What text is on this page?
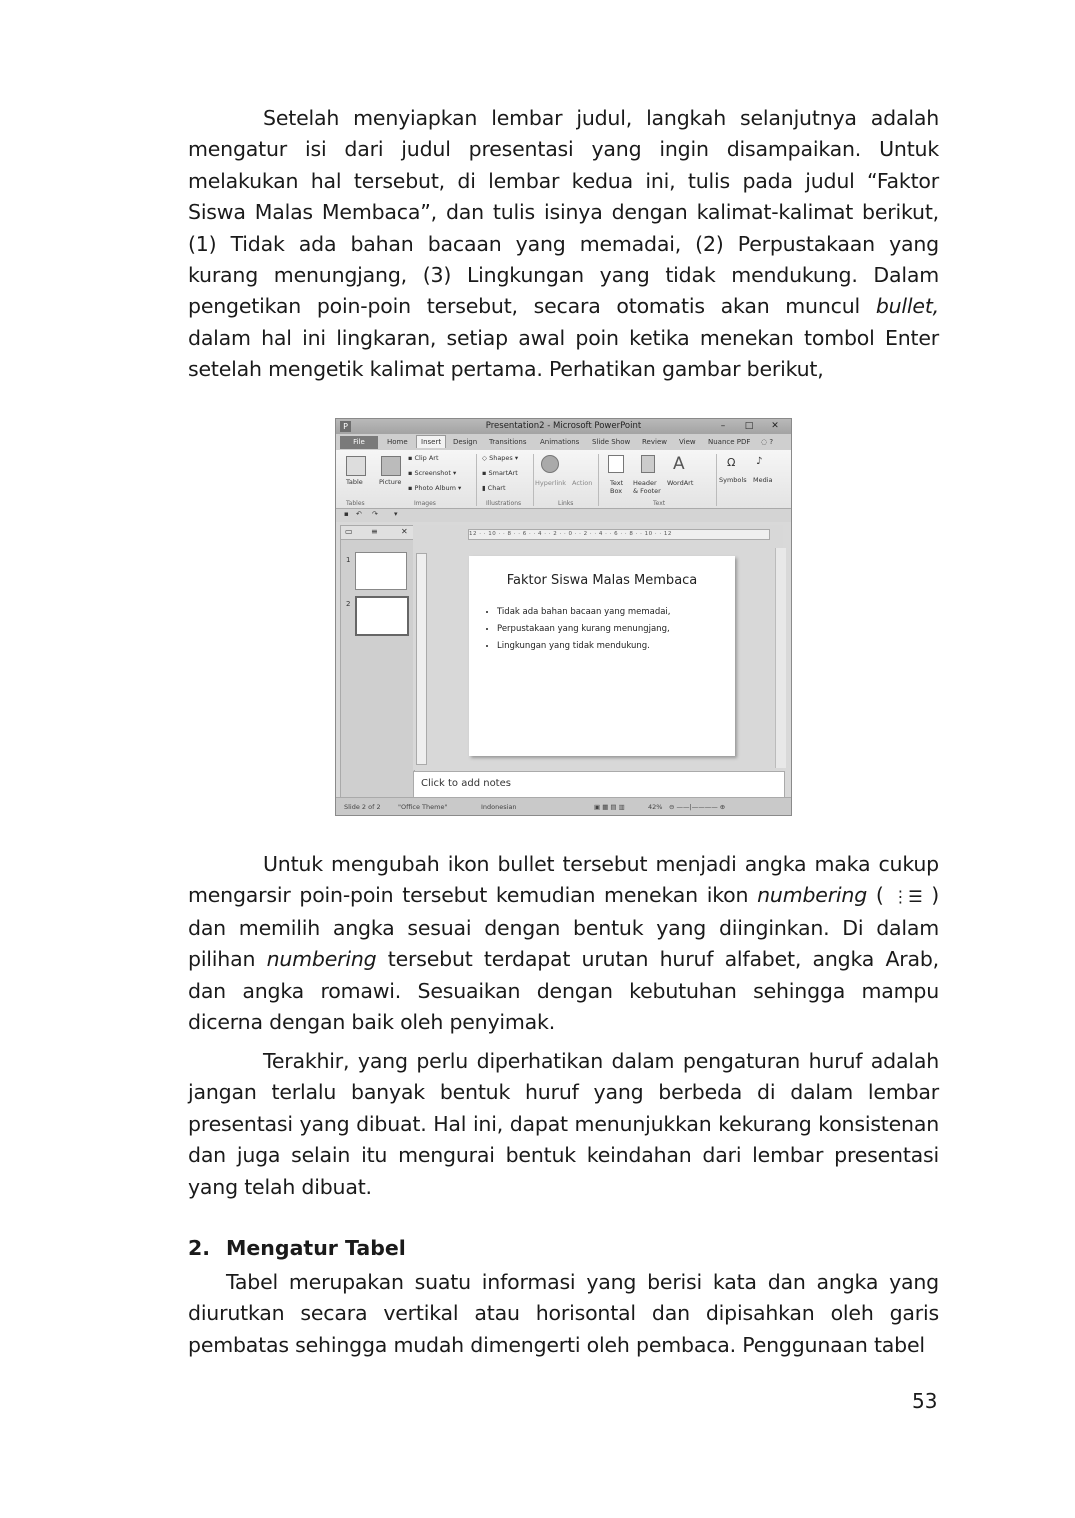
Setelah menyiapkan lembar judul, langkah selanjutnya adalah mengatur isi dari judul presentasi yang ingin disampaikan. Untuk melakukan hal tersebut, di lembar kedua ini, tulis pada judul “Faktor Siswa Malas Membaca”, dan tulis isinya dengan kalimat-kalimat berikut, (1) Tidak ada bahan bacaan yang memadai, (2) Perpustakaan yang kurang menungjang, (3) Lingkungan yang tidak mendukung. Dalam pengetikan poin-poin tersebut, secara otomatis akan muncul bullet, dalam hal ini lingkaran, setiap awal poin ketika menekan tombol Enter setelah mengetik kalimat pertama. Perhatikan gambar berikut,
P	Presentation2 - Microsoft PowerPoint	–	□	✕
File	Home	Insert	Design Transitions Animations Slide Show Review View Nuance PDF ◌ ?
Table Picture
▪ Clip Art
▪ Screenshot ▾
▪ Photo Album ▾
◇ Shapes ▾
▪ SmartArt
▮ Chart
Hyperlink Action	Text Box
Header & Footer
A
WordArt
Ω
Symbols
♪
Media
Tables	Images	Illustrations	Links	Text
▪ ↶ ↷ ▾
▭ ≡	✕
1
2
12 · · 10 · · 8 · · 6 · · 4 · · 2 · · 0 · · 2 · · 4 · · 6 · · 8 · · 10 · · 12
Faktor Siswa Malas Membaca
• Tidak ada bahan bacaan yang memadai,
• Perpustakaan yang kurang menungjang,
• Lingkungan yang tidak mendukung.
Click to add notes
Slide 2 of 2	"Office Theme"	Indonesian	▣ ▦ ▤ ▥	42% ⊖ ——|———— ⊕
Untuk mengubah ikon bullet tersebut menjadi angka maka cukup mengarsir poin-poin tersebut kemudian menekan ikon numbering ( ⋮☰ ) dan memilih angka sesuai dengan bentuk yang diinginkan. Di dalam pilihan numbering tersebut terdapat urutan huruf alfabet, angka Arab, dan angka romawi. Sesuaikan dengan kebutuhan sehingga mampu dicerna dengan baik oleh penyimak.
Terakhir, yang perlu diperhatikan dalam pengaturan huruf adalah jangan terlalu banyak bentuk huruf yang berbeda di dalam lembar presentasi yang dibuat. Hal ini, dapat menunjukkan kekurang konsistenan dan juga selain itu mengurai bentuk keindahan dari lembar presentasi yang telah dibuat.
2. Mengatur Tabel
Tabel merupakan suatu informasi yang berisi kata dan angka yang diurutkan secara vertikal atau horisontal dan dipisahkan oleh garis pembatas sehingga mudah dimengerti oleh pembaca. Penggunaan tabel
53
